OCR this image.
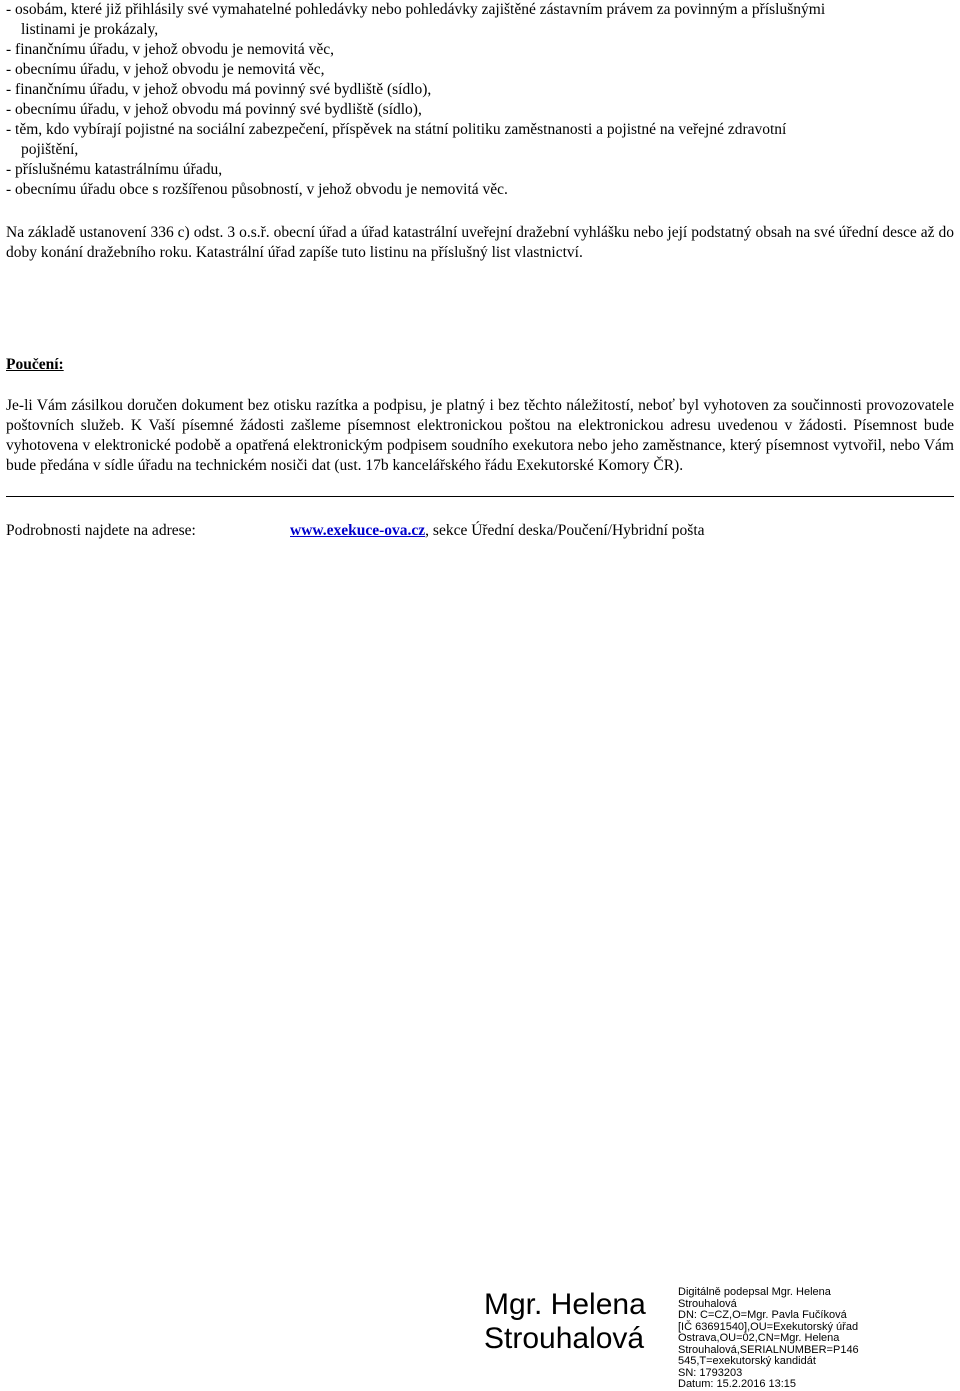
- osobám, které již přihlásily své vymahatelné pohledávky nebo pohledávky zajištěné zástavním právem za povinným a příslušnými
listinami je prokázaly,
- finančnímu úřadu, v jehož obvodu je nemovitá věc,
- obecnímu úřadu, v jehož obvodu je nemovitá věc,
- finančnímu úřadu, v jehož obvodu má povinný své bydliště (sídlo),
- obecnímu úřadu, v jehož obvodu má povinný své bydliště (sídlo),
- těm, kdo vybírají pojistné na sociální zabezpečení, příspěvek na státní politiku zaměstnanosti a pojistné na veřejné zdravotní
pojištění,
- příslušnému katastrálnímu úřadu,
- obecnímu úřadu obce s rozšířenou působností, v jehož obvodu je nemovitá věc.

Na základě ustanovení 336 c) odst. 3 o.s.ř. obecní úřad a úřad katastrální uveřejní dražební vyhlášku nebo její podstatný obsah na své úřední desce až do doby konání dražebního roku. Katastrální úřad zapíše tuto listinu na příslušný list vlastnictví.

Poučení:

Je-li Vám zásilkou doručen dokument bez otisku razítka a podpisu, je platný i bez těchto náležitostí, neboť byl vyhotoven za součinnosti provozovatele poštovních služeb. K Vaší písemné žádosti zašleme písemnost elektronickou poštou na elektronickou adresu uvedenou v žádosti. Písemnost bude vyhotovena v elektronické podobě a opatřená elektronickým podpisem soudního exekutora nebo jeho zaměstnance, který písemnost vytvořil, nebo Vám bude předána v sídle úřadu na technickém nosiči dat (ust. 17b kancelářského řádu Exekutorské Komory ČR).

Podrobnosti najdete na adrese:	www.exekuce-ova.cz, sekce Úřední deska/Poučení/Hybridní pošta
Mgr. Helena
Strouhalová
Digitálně podepsal Mgr. Helena
Strouhalová
DN: C=CZ,O=Mgr. Pavla Fučíková
[IČ 63691540],OU=Exekutorský úřad
Ostrava,OU=02,CN=Mgr. Helena
Strouhalová,SERIALNUMBER=P146
545,T=exekutorský kandidát
SN: 1793203
Datum: 15.2.2016 13:15
